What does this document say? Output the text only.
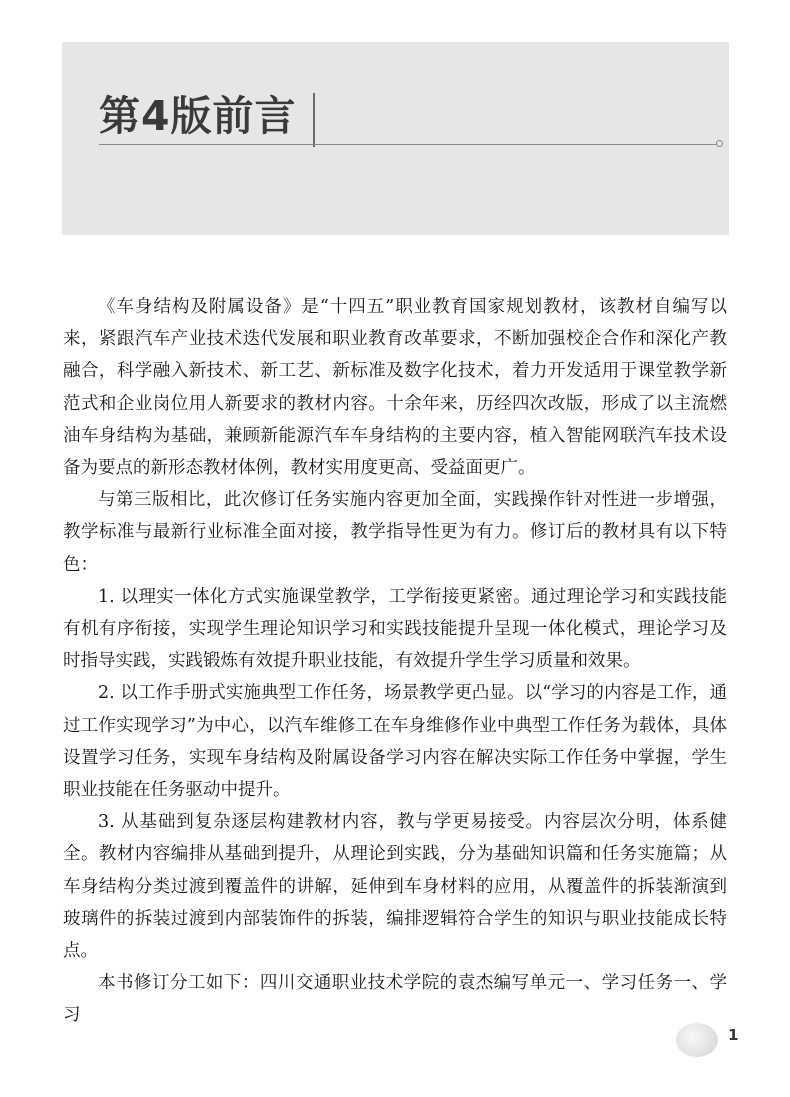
第4版前言

《车身结构及附属设备》是“十四五”职业教育国家规划教材，该教材自编写以来，紧跟汽车产业技术迭代发展和职业教育改革要求，不断加强校企合作和深化产教融合，科学融入新技术、新工艺、新标准及数字化技术，着力开发适用于课堂教学新范式和企业岗位用人新要求的教材内容。十余年来，历经四次改版，形成了以主流燃油车身结构为基础，兼顾新能源汽车车身结构的主要内容，植入智能网联汽车技术设备为要点的新形态教材体例，教材实用度更高、受益面更广。

与第三版相比，此次修订任务实施内容更加全面，实践操作针对性进一步增强，教学标准与最新行业标准全面对接，教学指导性更为有力。修订后的教材具有以下特色：

1. 以理实一体化方式实施课堂教学，工学衔接更紧密。通过理论学习和实践技能有机有序衔接，实现学生理论知识学习和实践技能提升呈现一体化模式，理论学习及时指导实践，实践锻炼有效提升职业技能，有效提升学生学习质量和效果。

2. 以工作手册式实施典型工作任务，场景教学更凸显。以“学习的内容是工作，通过工作实现学习”为中心，以汽车维修工在车身维修作业中典型工作任务为载体，具体设置学习任务，实现车身结构及附属设备学习内容在解决实际工作任务中掌握，学生职业技能在任务驱动中提升。

3. 从基础到复杂逐层构建教材内容，教与学更易接受。内容层次分明，体系健全。教材内容编排从基础到提升，从理论到实践，分为基础知识篇和任务实施篇；从车身结构分类过渡到覆盖件的讲解，延伸到车身材料的应用，从覆盖件的拆装渐演到玻璃件的拆装过渡到内部装饰件的拆装，编排逻辑符合学生的知识与职业技能成长特点。

本书修订分工如下：四川交通职业技术学院的袁杰编写单元一、学习任务一、学习

1
